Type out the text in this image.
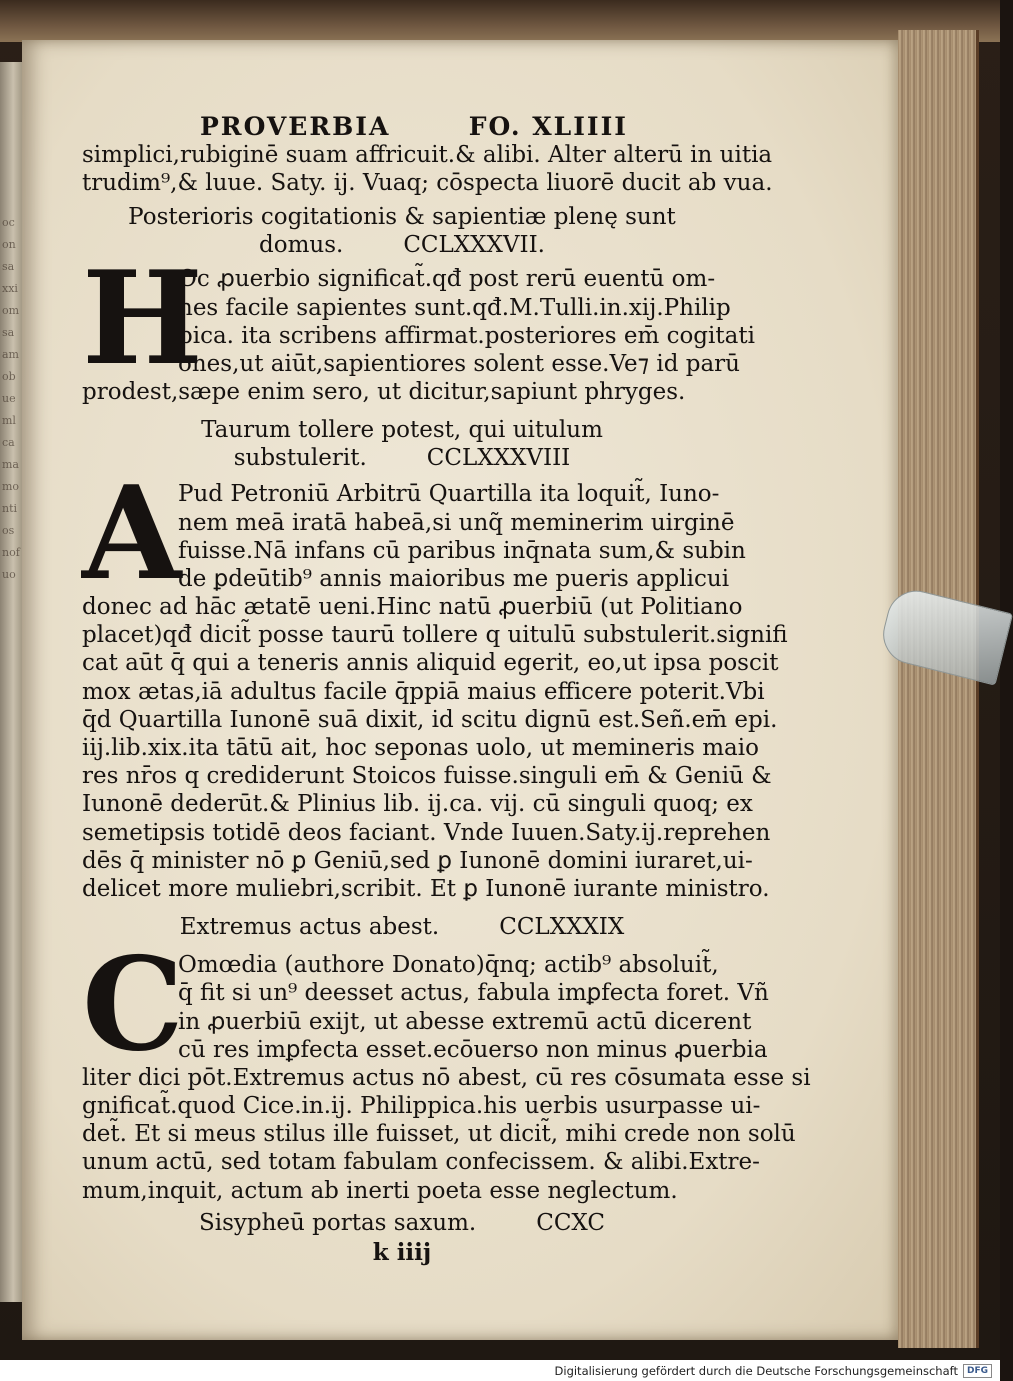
oconsaxxiomsaamobuemlcamamontiosnofuo
PROVERBIA	FO. XLIIII
simplici,rubiginē suam affricuit.& alibi. Alter alterū in uitia
trudim⁹,& luue. Saty. ij. Vuaq; cōspecta liuorē ducit ab vua.
Posterioris cogitationis & sapientiæ plenę sunt
domus.	CCLXXXVII.
H
Oc ꝓuerbio significat̃.qđ post rerū euentū om-
nes facile sapientes sunt.qđ.M.Tulli.in.xij.Philip
pica. ita scribens affirmat.posteriores em̄ cogitati
ones,ut aiūt,sapientiores solent esse.Ve⁊ id parū
prodest,sæpe enim sero, ut dicitur,sapiunt phryges.
Taurum tollere potest, qui uitulum
substulerit.	CCLXXXVIII
A
Pud Petroniū Arbitrū Quartilla ita loquit̃, Iuno-
nem meā iratā habeā,si unq̃ meminerim uirginē
fuisse.Nā infans cū paribus inq̄nata sum,& subin
de ꝑdeūtib⁹ annis maioribus me pueris applicui
donec ad hāc ætatē ueni.Hinc natū ꝓuerbiū (ut Politiano
placet)qđ dicit̃ posse taurū tollere q uitulū substulerit.signifi
cat aūt q̄ qui a teneris annis aliquid egerit, eo,ut ipsa poscit
mox ætas,iā adultus facile q̄ppiā maius efficere poterit.Vbi
q̄d Quartilla Iunonē suā dixit, id scitu dignū est.Señ.em̄ epi.
iij.lib.xix.ita tātū ait, hoc seponas uolo, ut memineris maio
res nr̄os q crediderunt Stoicos fuisse.singuli em̄ & Geniū &
Iunonē dederūt.& Plinius lib. ij.ca. vij. cū singuli quoq; ex
semetipsis totidē deos faciant. Vnde Iuuen.Saty.ij.reprehen
dēs q̄ minister nō ꝑ Geniū,sed ꝑ Iunonē domini iuraret,ui-
delicet more muliebri,scribit. Et ꝑ Iunonē iurante ministro.
Extremus actus abest.	CCLXXXIX
C
Omœdia (authore Donato)q̄nq; actib⁹ absoluit̃,
q̄ fit si un⁹ deesset actus, fabula imꝑfecta foret. Vñ
in ꝓuerbiū exijt, ut abesse extremū actū dicerent
cū res imꝑfecta esset.ecōuerso non minus ꝓuerbia
liter dici pōt.Extremus actus nō abest, cū res cōsumata esse si
gnificat̃.quod Cice.in.ij. Philippica.his uerbis usurpasse ui-
det̃. Et si meus stilus ille fuisset, ut dicit̃, mihi crede non solū
unum actū, sed totam fabulam confecissem. & alibi.Extre-
mum,inquit, actum ab inerti poeta esse neglectum.
Sisypheū portas saxum.	CCXC
k iiij
Digitalisierung gefördert durch die Deutsche Forschungsgemeinschaft	DFG
